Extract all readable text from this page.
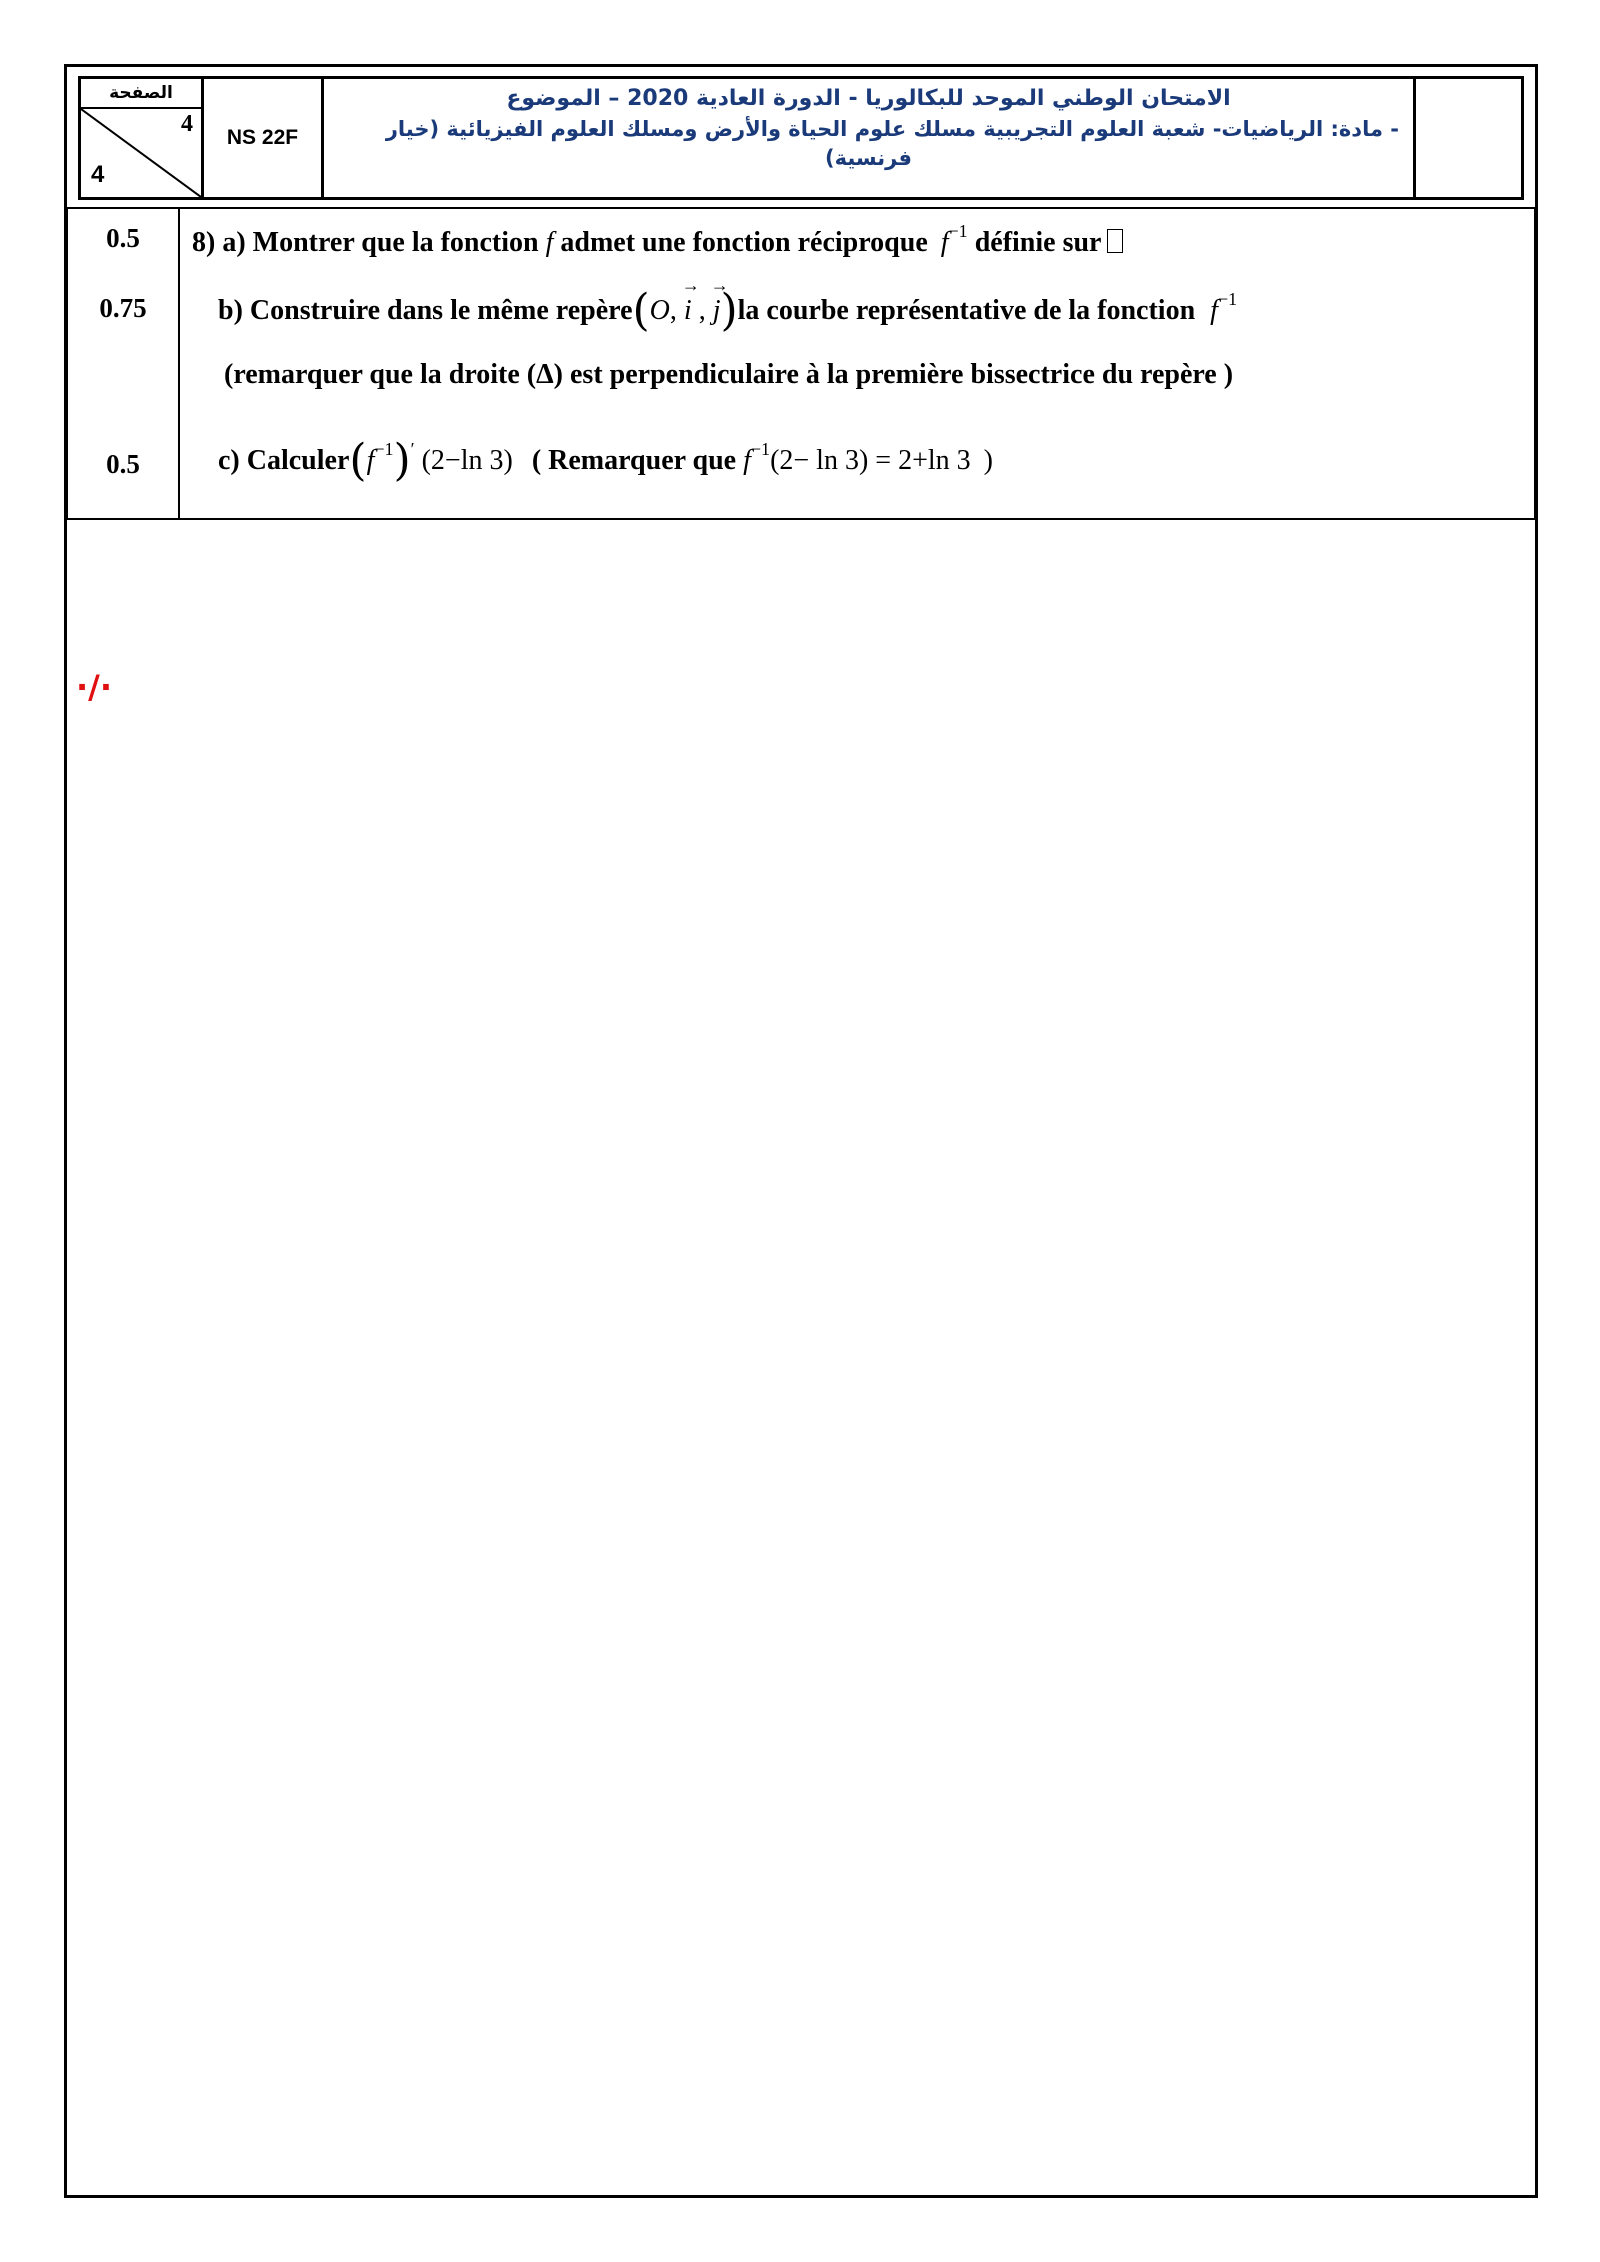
الصفحة
4
4
NS 22F
الامتحان الوطني الموحد للبكالوريا - الدورة العادية 2020 – الموضوع
- مادة: الرياضيات- شعبة العلوم التجريبية مسلك علوم الحياة والأرض ومسلك العلوم الفيزيائية (خيار
فرنسية)
0.5	8) a) Montrer que la fonction f admet une fonction réciproque $f^{-1}$ définie sur
0.75	b) Construire dans le même repère(O, → i , → j)la courbe représentative de la fonction $f^{-1}$
(remarquer que la droite (Δ) est perpendiculaire à la première bissectrice du repère )
0.5	c) $Calculer(f^{-1})'$ (2−ln 3) ( Remarquer que $f^{-1}(2- \ln 3) = 2+\ln$ 3 )
·/·
